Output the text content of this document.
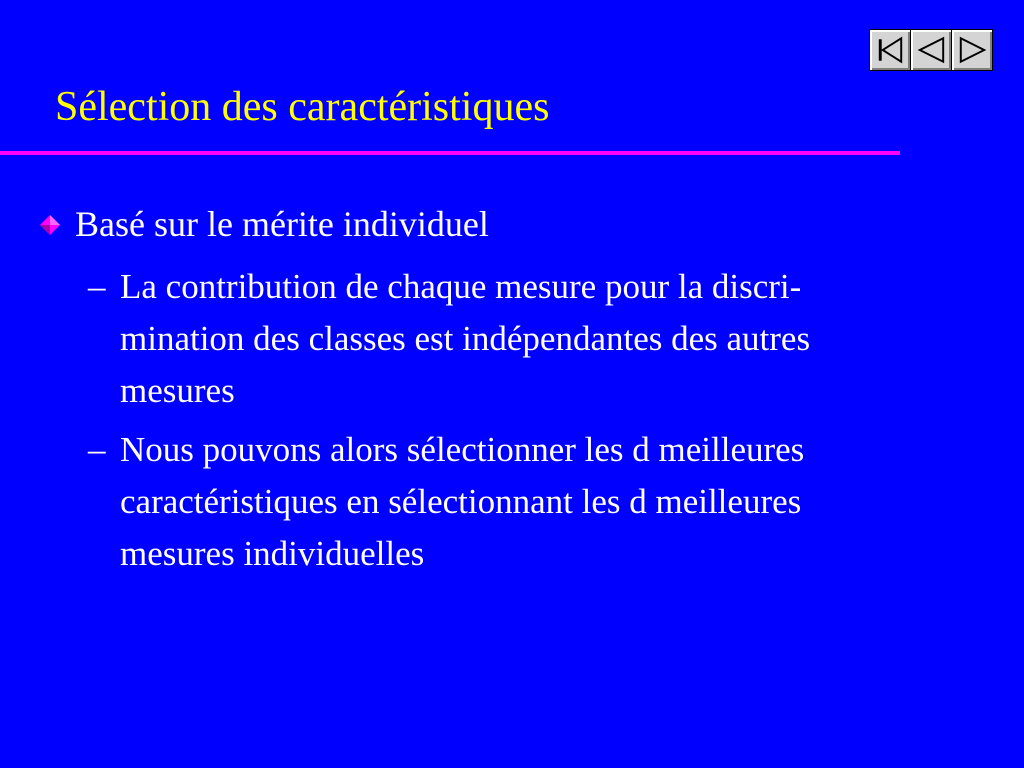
Sélection des caractéristiques
Basé sur le mérite individuel
– La contribution de chaque mesure pour la discri-
mination des classes est indépendantes des autres
mesures
– Nous pouvons alors sélectionner les d meilleures
caractéristiques en sélectionnant les d meilleures
mesures individuelles
